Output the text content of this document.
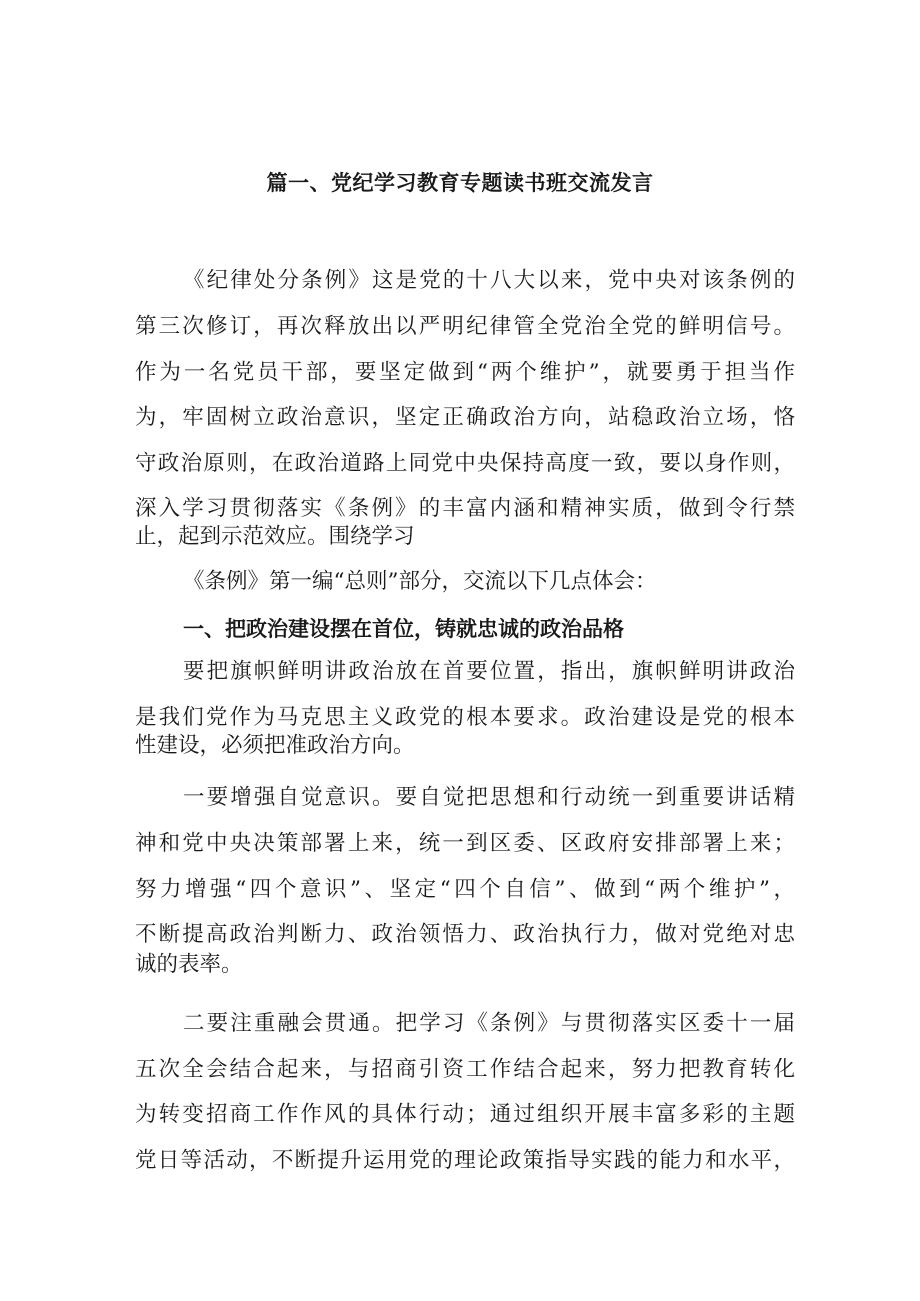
篇一、党纪学习教育专题读书班交流发言
《纪律处分条例》这是党的十八大以来，党中央对该条例的
第三次修订，再次释放出以严明纪律管全党治全党的鲜明信号。
作为一名党员干部，要坚定做到“两个维护”，就要勇于担当作
为，牢固树立政治意识，坚定正确政治方向，站稳政治立场，恪
守政治原则，在政治道路上同党中央保持高度一致，要以身作则，
深入学习贯彻落实《条例》的丰富内涵和精神实质，做到令行禁
止，起到示范效应。围绕学习
《条例》第一编“总则”部分，交流以下几点体会：
一、把政治建设摆在首位，铸就忠诚的政治品格
要把旗帜鲜明讲政治放在首要位置，指出，旗帜鲜明讲政治
是我们党作为马克思主义政党的根本要求。政治建设是党的根本
性建设，必须把准政治方向。
一要增强自觉意识。要自觉把思想和行动统一到重要讲话精
神和党中央决策部署上来，统一到区委、区政府安排部署上来；
努力增强“四个意识”、坚定“四个自信”、做到“两个维护”，
不断提高政治判断力、政治领悟力、政治执行力，做对党绝对忠
诚的表率。
二要注重融会贯通。把学习《条例》与贯彻落实区委十一届
五次全会结合起来，与招商引资工作结合起来，努力把教育转化
为转变招商工作作风的具体行动；通过组织开展丰富多彩的主题
党日等活动，不断提升运用党的理论政策指导实践的能力和水平，
